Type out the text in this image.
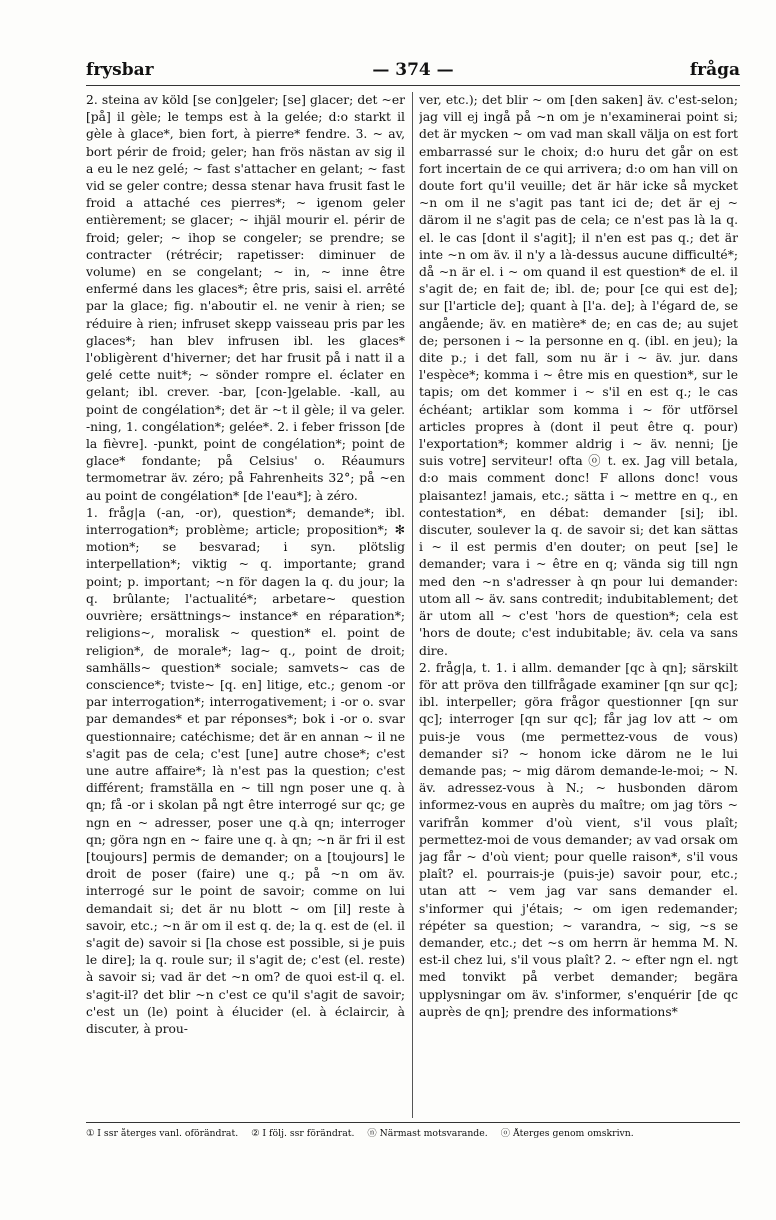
frysbar	— 374 —	fråga

2. steina av köld [se con]geler; [se] glacer; det ~er [på] il gèle; le temps est à la gelée; d:o starkt il gèle à glace*, bien fort, à pierre* fendre. 3. ~ av, bort périr de froid; geler; han frös nästan av sig il a eu le nez gelé; ~ fast s'attacher en gelant; ~ fast vid se geler contre; dessa stenar hava frusit fast le froid a attaché ces pierres*; ~ igenom geler entièrement; se glacer; ~ ihjäl mourir el. périr de froid; geler; ~ ihop se congeler; se prendre; se contracter (rétrécir; rapetisser: diminuer de volume) en se congelant; ~ in, ~ inne être enfermé dans les glaces*; être pris, saisi el. arrêté par la glace; fig. n'aboutir el. ne venir à rien; se réduire à rien; infruset skepp vaisseau pris par les glaces*; han blev infrusen ibl. les glaces* l'obligèrent d'hiverner; det har frusit på i natt il a gelé cette nuit*; ~ sönder rompre el. éclater en gelant; ibl. crever. -bar, [con-]gelable. -kall, au point de congélation*; det är ~t il gèle; il va geler. -ning, 1. congélation*; gelée*. 2. i feber frisson [de la fièvre]. -punkt, point de congélation*; point de glace* fondante; på Celsius' o. Réaumurs termometrar äv. zéro; på Fahrenheits 32°; på ~en au point de congélation* [de l'eau*]; à zéro.

1. fråg|a (-an, -or), question*; demande*; ibl. interrogation*; problème; article; proposition*; ✻ motion*; se besvarad; i syn. plötslig interpellation*; viktig ~ q. importante; grand point; p. important; ~n för dagen la q. du jour; la q. brûlante; l'actualité*; arbetare~ question ouvrière; ersättnings~ instance* en réparation*; religions~, moralisk ~ question* el. point de religion*, de morale*; lag~ q., point de droit; samhälls~ question* sociale; samvets~ cas de conscience*; tviste~ [q. en] litige, etc.; genom -or par interrogation*; interrogativement; i -or o. svar par demandes* et par réponses*; bok i -or o. svar questionnaire; catéchisme; det är en annan ~ il ne s'agit pas de cela; c'est [une] autre chose*; c'est une autre affaire*; là n'est pas la question; c'est différent; framställa en ~ till ngn poser une q. à qn; få -or i skolan på ngt être interrogé sur qc; ge ngn en ~ adresser, poser une q.à qn; interroger qn; göra ngn en ~ faire une q. à qn; ~n är fri il est [toujours] permis de demander; on a [toujours] le droit de poser (faire) une q.; på ~n om äv. interrogé sur le point de savoir; comme on lui demandait si; det är nu blott ~ om [il] reste à savoir, etc.; ~n är om il est q. de; la q. est de (el. il s'agit de) savoir si [la chose est possible, si je puis le dire]; la q. roule sur; il s'agit de; c'est (el. reste) à savoir si; vad är det ~n om? de quoi est-il q. el. s'agit-il? det blir ~n c'est ce qu'il s'agit de savoir; c'est un (le) point à élucider (el. à éclaircir, à discuter, à prou-

ver, etc.); det blir ~ om [den saken] äv. c'est-selon; jag vill ej ingå på ~n om je n'examinerai point si; det är mycken ~ om vad man skall välja on est fort embarrassé sur le choix; d:o huru det går on est fort incertain de ce qui arrivera; d:o om han vill on doute fort qu'il veuille; det är här icke så mycket ~n om il ne s'agit pas tant ici de; det är ej ~ därom il ne s'agit pas de cela; ce n'est pas là la q. el. le cas [dont il s'agit]; il n'en est pas q.; det är inte ~n om äv. il n'y a là-dessus aucune difficulté*; då ~n är el. i ~ om quand il est question* de el. il s'agit de; en fait de; ibl. de; pour [ce qui est de]; sur [l'article de]; quant à [l'a. de]; à l'égard de, se angående; äv. en matière* de; en cas de; au sujet de; personen i ~ la personne en q. (ibl. en jeu); la dite p.; i det fall, som nu är i ~ äv. jur. dans l'espèce*; komma i ~ être mis en question*, sur le tapis; om det kommer i ~ s'il en est q.; le cas échéant; artiklar som komma i ~ för utförsel articles propres à (dont il peut être q. pour) l'exportation*; kommer aldrig i ~ äv. nenni; [je suis votre] serviteur! ofta ⓞ t. ex. Jag vill betala, d:o mais comment donc! F allons donc! vous plaisantez! jamais, etc.; sätta i ~ mettre en q., en contestation*, en débat: demander [si]; ibl. discuter, soulever la q. de savoir si; det kan sättas i ~ il est permis d'en douter; on peut [se] le demander; vara i ~ être en q; vända sig till ngn med den ~n s'adresser à qn pour lui demander: utom all ~ äv. sans contredit; indubitablement; det är utom all ~ c'est 'hors de question*; cela est 'hors de doute; c'est indubitable; äv. cela va sans dire.

2. fråg|a, t. 1. i allm. demander [qc à qn]; särskilt för att pröva den tillfrågade examiner [qn sur qc]; ibl. interpeller; göra frågor questionner [qn sur qc]; interroger [qn sur qc]; får jag lov att ~ om puis-je vous (me permettez-vous de vous) demander si? ~ honom icke därom ne le lui demande pas; ~ mig därom demande-le-moi; ~ N. äv. adressez-vous à N.; ~ husbonden därom informez-vous en auprès du maître; om jag törs ~ varifrån kommer d'où vient, s'il vous plaît; permettez-moi de vous demander; av vad orsak om jag får ~ d'où vient; pour quelle raison*, s'il vous plaît? el. pourrais-je (puis-je) savoir pour, etc.; utan att ~ vem jag var sans demander el. s'informer qui j'étais; ~ om igen redemander; répéter sa question; ~ varandra, ~ sig, ~s se demander, etc.; det ~s om herrn är hemma M. N. est-il chez lui, s'il vous plaît? 2. ~ efter ngn el. ngt med tonvikt på verbet demander; begära upplysningar om äv. s'informer, s'enquérir [de qc auprès de qn]; prendre des informations*

① I ssr återges vanl. oförändrat. ② I följ. ssr förändrat. ⓝ Närmast motsvarande. ⓞ Återges genom omskrivn.
